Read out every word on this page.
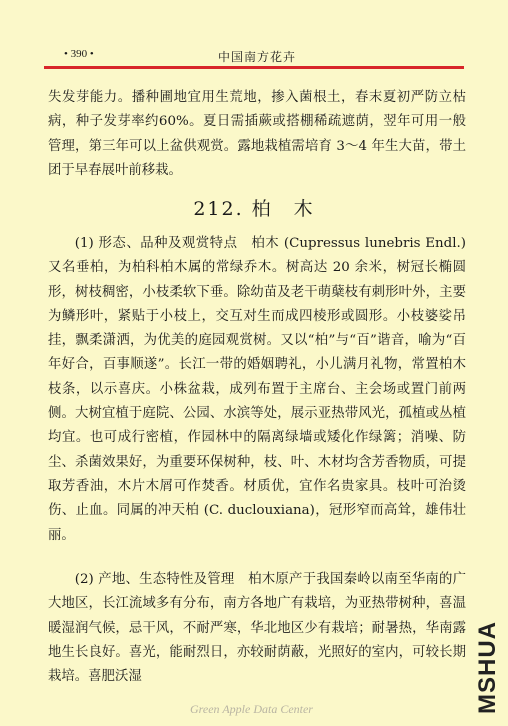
• 390 •	中国南方花卉
失发芽能力。播种圃地宜用生荒地，掺入菌根土，春末夏初严防立枯病，种子发芽率约60%。夏日需插蕨或搭棚稀疏遮荫，翌年可用一般管理，第三年可以上盆供观赏。露地栽植需培育 3～4 年生大苗，带土团于早春展叶前移栽。
212. 柏　木
(1) 形态、品种及观赏特点　柏木 (Cupressus lunebris Endl.) 又名垂柏，为柏科柏木属的常绿乔木。树高达 20 余米，树冠长椭圆形，树枝稠密，小枝柔软下垂。除幼苗及老干萌蘖枝有刺形叶外，主要为鳞形叶，紧贴于小枝上，交互对生而成四棱形或圆形。小枝婆娑吊挂，飘柔潇洒，为优美的庭园观赏树。又以“柏”与“百”谐音，喻为“百年好合，百事顺遂”。长江一带的婚姻聘礼，小儿满月礼物，常置柏木枝条，以示喜庆。小株盆栽，成列布置于主席台、主会场或置门前两侧。大树宜植于庭院、公园、水滨等处，展示亚热带风光，孤植或丛植均宜。也可成行密植，作园林中的隔离绿墙或矮化作绿篱；消噪、防尘、杀菌效果好，为重要环保树种，枝、叶、木材均含芳香物质，可提取芳香油，木片木屑可作焚香。材质优，宜作名贵家具。枝叶可治烫伤、止血。同属的冲天柏 (C. duclouxiana)，冠形窄而高耸，雄伟壮丽。
(2) 产地、生态特性及管理　柏木原产于我国秦岭以南至华南的广大地区，长江流域多有分布，南方各地广有栽培，为亚热带树种，喜温暖湿润气候，忌干风，不耐严寒，华北地区少有栽培；耐暑热，华南露地生长良好。喜光，能耐烈日，亦较耐荫蔽，光照好的室内，可较长期栽培。喜肥沃湿
Green Apple Data Center	MSHUA
